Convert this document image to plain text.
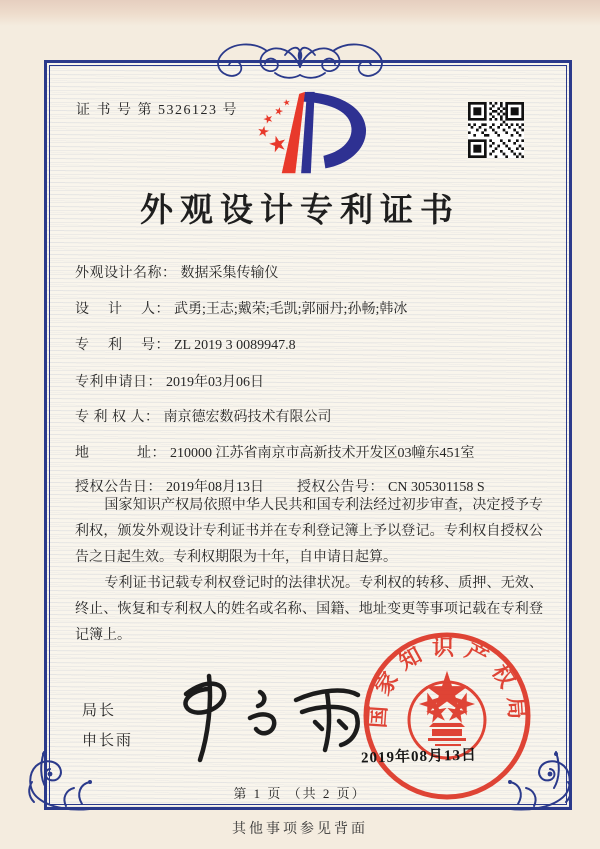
证 书 号 第 5326123 号
外观设计专利证书
外观设计名称： 数据采集传输仪
设　 计　 人： 武勇;王志;戴荣;毛凯;郭丽丹;孙畅;韩冰
专　 利　 号： ZL 2019 3 0089947.8
专利申请日： 2019年03月06日
专 利 权 人： 南京德宏数码技术有限公司
地　　　 址： 210000 江苏省南京市高新技术开发区03幢东451室
授权公告日： 2019年08月13日 授权公告号： CN 305301158 S

国家知识产权局依照中华人民共和国专利法经过初步审查，决定授予专利权，颁发外观设计专利证书并在专利登记簿上予以登记。专利权自授权公告之日起生效。专利权期限为十年，自申请日起算。

专利证书记载专利权登记时的法律状况。专利权的转移、质押、无效、终止、恢复和专利权人的姓名或名称、国籍、地址变更等事项记载在专利登记簿上。

局长
申长雨
国家知识产权局
2019年08月13日
第 1 页 （共 2 页）
其他事项参见背面
